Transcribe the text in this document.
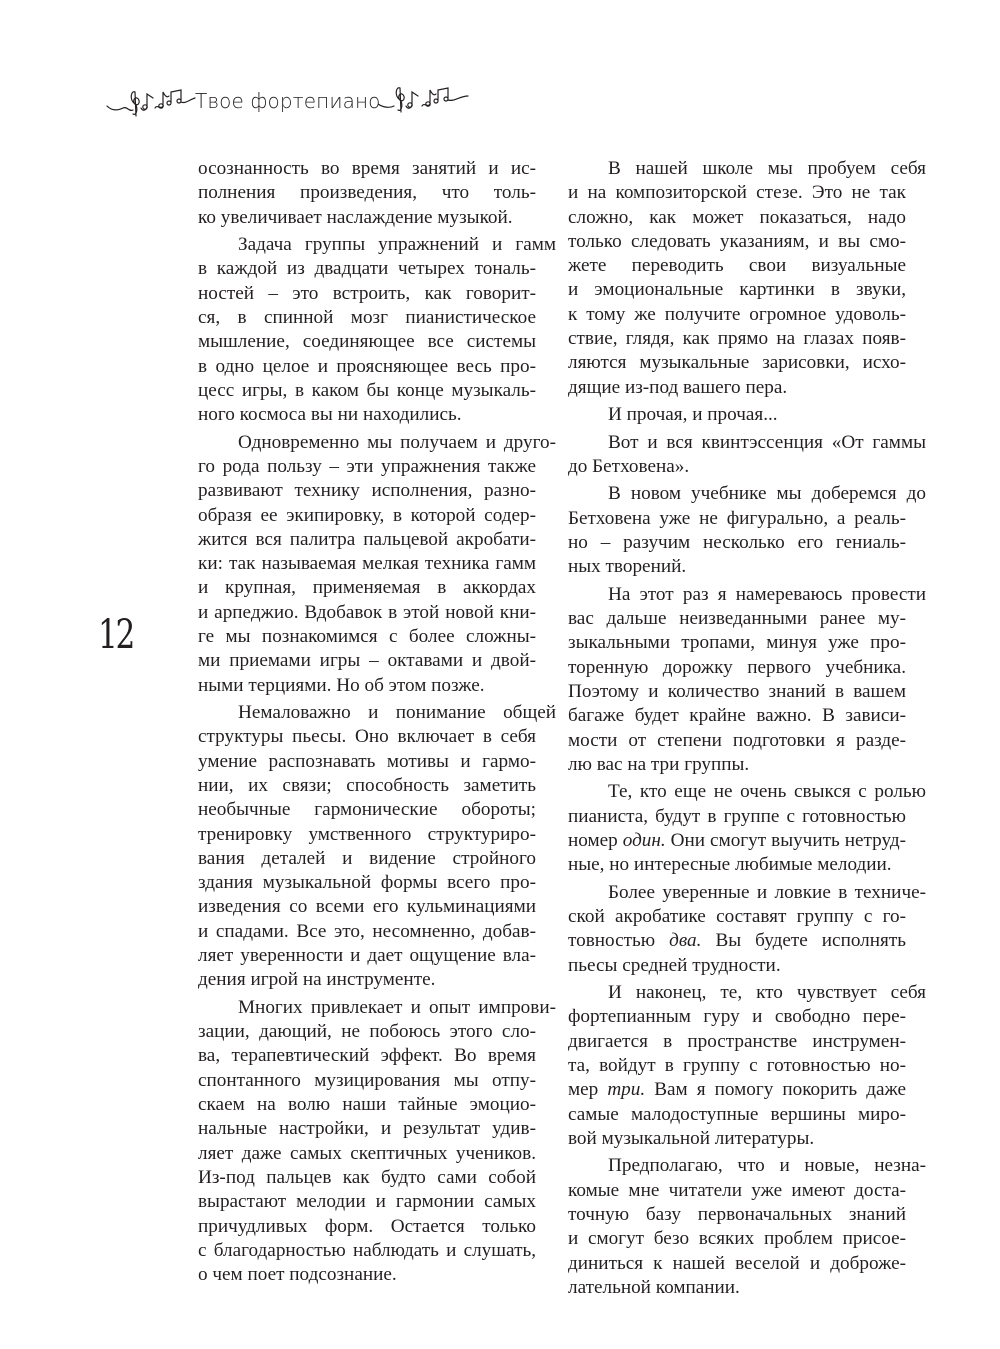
Твое фортепиано
12
осознанность во время занятий и ис-
полнения произведения, что толь-
ко увеличивает наслаждение музыкой.
Задача группы упражнений и гамм
в каждой из двадцати четырех тональ-
ностей – это встроить, как говорит-
ся, в спинной мозг пианистическое
мышление, соединяющее все системы
в одно целое и проясняющее весь про-
цесс игры, в каком бы конце музыкаль-
ного космоса вы ни находились.
Одновременно мы получаем и друго-
го рода пользу – эти упражнения также
развивают технику исполнения, разно-
образя ее экипировку, в которой содер-
жится вся палитра пальцевой акробати-
ки: так называемая мелкая техника гамм
и крупная, применяемая в аккордах
и арпеджио. Вдобавок в этой новой кни-
ге мы познакомимся с более сложны-
ми приемами игры – октавами и двой-
ными терциями. Но об этом позже.
Немаловажно и понимание общей
структуры пьесы. Оно включает в себя
умение распознавать мотивы и гармо-
нии, их связи; способность заметить
необычные гармонические обороты;
тренировку умственного структуриро-
вания деталей и видение стройного
здания музыкальной формы всего про-
изведения со всеми его кульминациями
и спадами. Все это, несомненно, добав-
ляет уверенности и дает ощущение вла-
дения игрой на инструменте.
Многих привлекает и опыт импрови-
зации, дающий, не побоюсь этого сло-
ва, терапевтический эффект. Во время
спонтанного музицирования мы отпу-
скаем на волю наши тайные эмоцио-
нальные настройки, и результат удив-
ляет даже самых скептичных учеников.
Из-под пальцев как будто сами собой
вырастают мелодии и гармонии самых
причудливых форм. Остается только
с благодарностью наблюдать и слушать,
о чем поет подсознание.
В нашей школе мы пробуем себя
и на композиторской стезе. Это не так
сложно, как может показаться, надо
только следовать указаниям, и вы смо-
жете переводить свои визуальные
и эмоциональные картинки в звуки,
к тому же получите огромное удоволь-
ствие, глядя, как прямо на глазах появ-
ляются музыкальные зарисовки, исхо-
дящие из-под вашего пера.
И прочая, и прочая...
Вот и вся квинтэссенция «От гаммы
до Бетховена».
В новом учебнике мы доберемся до
Бетховена уже не фигурально, а реаль-
но – разучим несколько его гениаль-
ных творений.
На этот раз я намереваюсь провести
вас дальше неизведанными ранее му-
зыкальными тропами, минуя уже про-
торенную дорожку первого учебника.
Поэтому и количество знаний в вашем
багаже будет крайне важно. В зависи-
мости от степени подготовки я разде-
лю вас на три группы.
Те, кто еще не очень свыкся с ролью
пианиста, будут в группе с готовностью
номер один. Они смогут выучить нетруд-
ные, но интересные любимые мелодии.
Более уверенные и ловкие в техниче-
ской акробатике составят группу с го-
товностью два. Вы будете исполнять
пьесы средней трудности.
И наконец, те, кто чувствует себя
фортепианным гуру и свободно пере-
двигается в пространстве инструмен-
та, войдут в группу с готовностью но-
мер три. Вам я помогу покорить даже
самые малодоступные вершины миро-
вой музыкальной литературы.
Предполагаю, что и новые, незна-
комые мне читатели уже имеют доста-
точную базу первоначальных знаний
и смогут безо всяких проблем присое-
диниться к нашей веселой и доброже-
лательной компании.
